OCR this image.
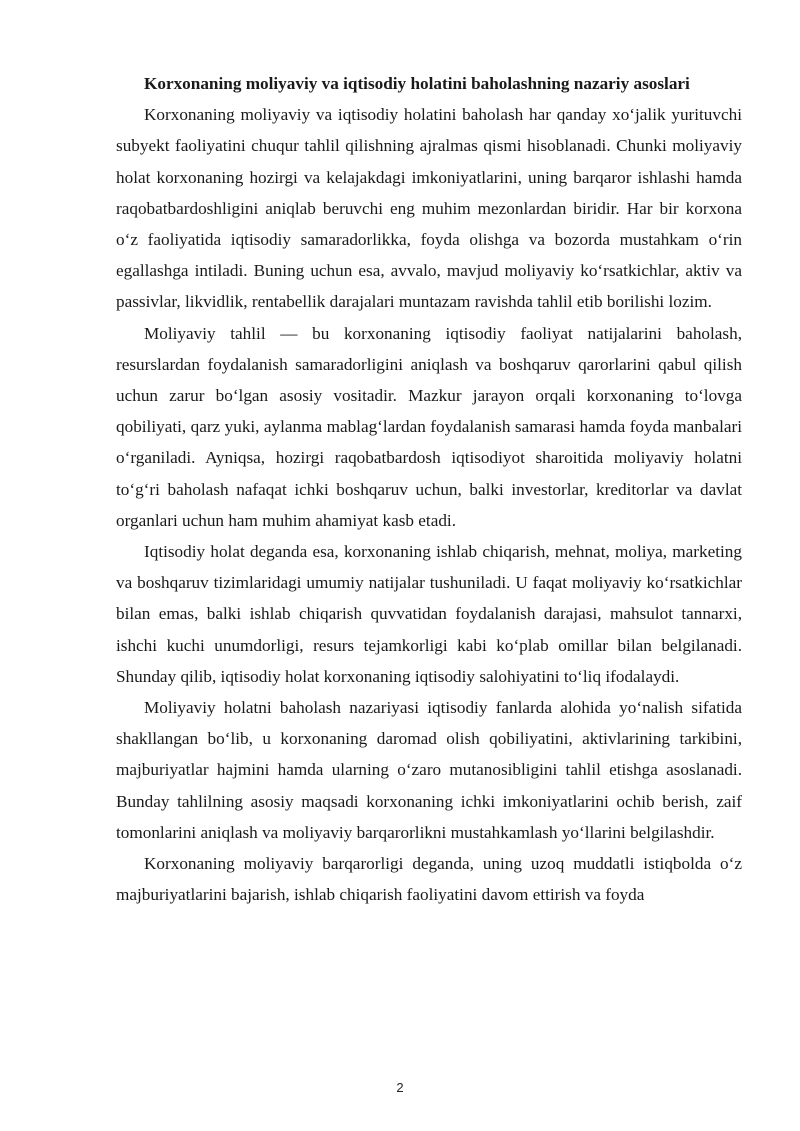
Korxonaning moliyaviy va iqtisodiy holatini baholashning nazariy asoslari

Korxonaning moliyaviy va iqtisodiy holatini baholash har qanday xo‘jalik yurituvchi subyekt faoliyatini chuqur tahlil qilishning ajralmas qismi hisoblanadi. Chunki moliyaviy holat korxonaning hozirgi va kelajakdagi imkoniyatlarini, uning barqaror ishlashi hamda raqobatbardoshligini aniqlab beruvchi eng muhim mezonlardan biridir. Har bir korxona o‘z faoliyatida iqtisodiy samaradorlikka, foyda olishga va bozorda mustahkam o‘rin egallashga intiladi. Buning uchun esa, avvalo, mavjud moliyaviy ko‘rsatkichlar, aktiv va passivlar, likvidlik, rentabellik darajalari muntazam ravishda tahlil etib borilishi lozim.

Moliyaviy tahlil — bu korxonaning iqtisodiy faoliyat natijalarini baholash, resurslardan foydalanish samaradorligini aniqlash va boshqaruv qarorlarini qabul qilish uchun zarur bo‘lgan asosiy vositadir. Mazkur jarayon orqali korxonaning to‘lovga qobiliyati, qarz yuki, aylanma mablag‘lardan foydalanish samarasi hamda foyda manbalari o‘rganiladi. Ayniqsa, hozirgi raqobatbardosh iqtisodiyot sharoitida moliyaviy holatni to‘g‘ri baholash nafaqat ichki boshqaruv uchun, balki investorlar, kreditorlar va davlat organlari uchun ham muhim ahamiyat kasb etadi.

Iqtisodiy holat deganda esa, korxonaning ishlab chiqarish, mehnat, moliya, marketing va boshqaruv tizimlaridagi umumiy natijalar tushuniladi. U faqat moliyaviy ko‘rsatkichlar bilan emas, balki ishlab chiqarish quvvatidan foydalanish darajasi, mahsulot tannarxi, ishchi kuchi unumdorligi, resurs tejamkorligi kabi ko‘plab omillar bilan belgilanadi. Shunday qilib, iqtisodiy holat korxonaning iqtisodiy salohiyatini to‘liq ifodalaydi.

Moliyaviy holatni baholash nazariyasi iqtisodiy fanlarda alohida yo‘nalish sifatida shakllangan bo‘lib, u korxonaning daromad olish qobiliyatini, aktivlarining tarkibini, majburiyatlar hajmini hamda ularning o‘zaro mutanosibligini tahlil etishga asoslanadi. Bunday tahlilning asosiy maqsadi korxonaning ichki imkoniyatlarini ochib berish, zaif tomonlarini aniqlash va moliyaviy barqarorlikni mustahkamlash yo‘llarini belgilashdir.

Korxonaning moliyaviy barqarorligi deganda, uning uzoq muddatli istiqbolda o‘z majburiyatlarini bajarish, ishlab chiqarish faoliyatini davom ettirish va foyda

2
